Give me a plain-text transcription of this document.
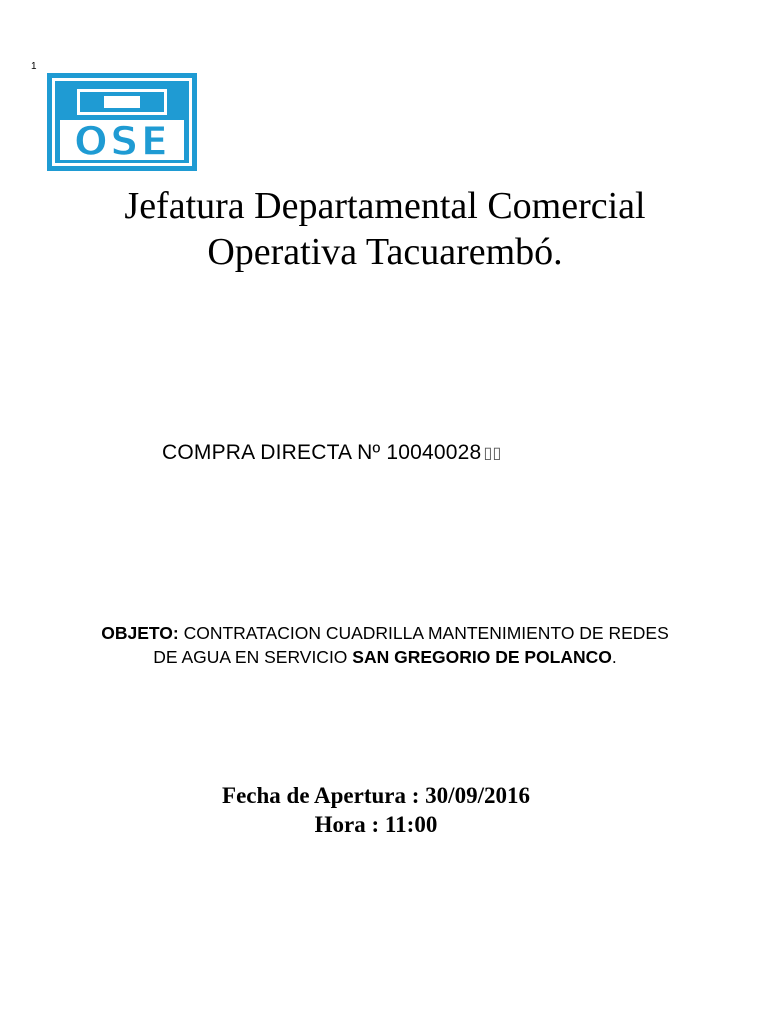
1
OSE
Jefatura Departamental Comercial
Operativa Tacuarembó.
COMPRA DIRECTA Nº 10040028 ▯▯
OBJETO: CONTRATACION CUADRILLA MANTENIMIENTO DE REDES
DE AGUA EN SERVICIO SAN GREGORIO DE POLANCO.
Fecha de Apertura : 30/09/2016
Hora : 11:00
